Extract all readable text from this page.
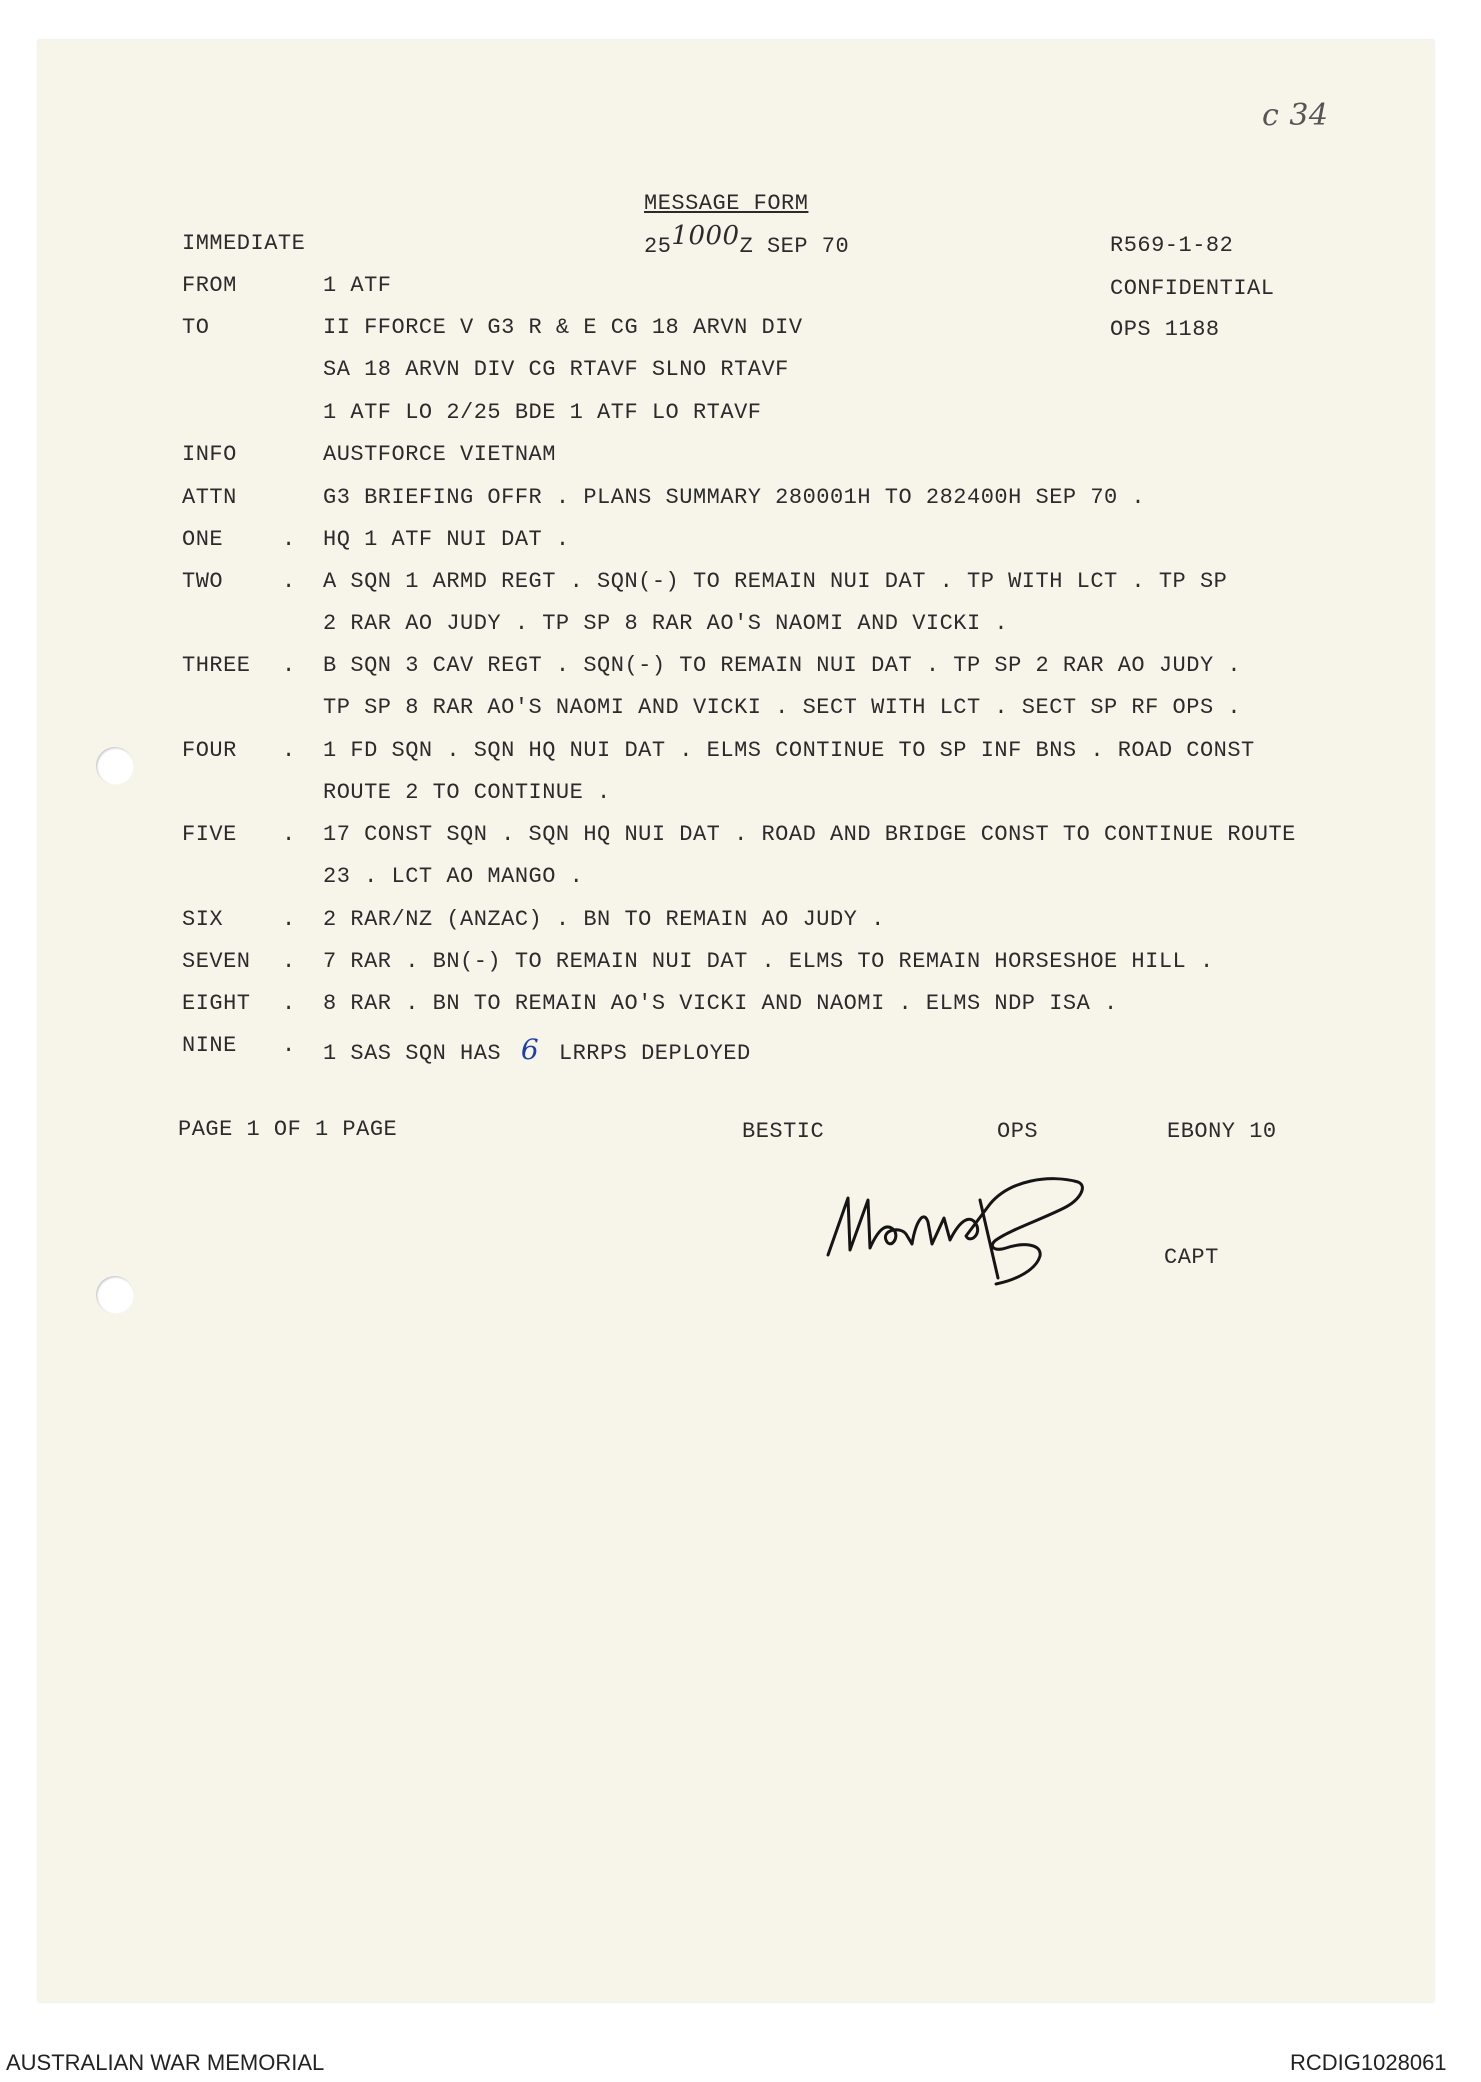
c 34
MESSAGE FORM
IMMEDIATE	251000Z SEP 70	R569-1-82
CONFIDENTIAL
OPS 1188
FROM	1 ATF
TO	II FFORCE V G3 R & E CG 18 ARVN DIV
SA 18 ARVN DIV CG RTAVF SLNO RTAVF
1 ATF LO 2/25 BDE 1 ATF LO RTAVF
INFO	AUSTFORCE VIETNAM
ATTN	G3 BRIEFING OFFR . PLANS SUMMARY 280001H TO 282400H SEP 70 .
ONE	. HQ 1 ATF NUI DAT .
TWO	. A SQN 1 ARMD REGT . SQN(-) TO REMAIN NUI DAT . TP WITH LCT . TP SP
2 RAR AO JUDY . TP SP 8 RAR AO'S NAOMI AND VICKI .
THREE . B SQN 3 CAV REGT . SQN(-) TO REMAIN NUI DAT . TP SP 2 RAR AO JUDY .
TP SP 8 RAR AO'S NAOMI AND VICKI . SECT WITH LCT . SECT SP RF OPS .
FOUR . 1 FD SQN . SQN HQ NUI DAT . ELMS CONTINUE TO SP INF BNS . ROAD CONST
ROUTE 2 TO CONTINUE .
FIVE . 17 CONST SQN . SQN HQ NUI DAT . ROAD AND BRIDGE CONST TO CONTINUE ROUTE
23 . LCT AO MANGO .
SIX	. 2 RAR/NZ (ANZAC) . BN TO REMAIN AO JUDY .
SEVEN . 7 RAR . BN(-) TO REMAIN NUI DAT . ELMS TO REMAIN HORSESHOE HILL .
EIGHT . 8 RAR . BN TO REMAIN AO'S VICKI AND NAOMI . ELMS NDP ISA .
NINE . 1 SAS SQN HAS 6 LRRPS DEPLOYED
PAGE 1 OF 1 PAGE	BESTIC	OPS	EBONY 10
CAPT
AUSTRALIAN WAR MEMORIAL	RCDIG1028061
